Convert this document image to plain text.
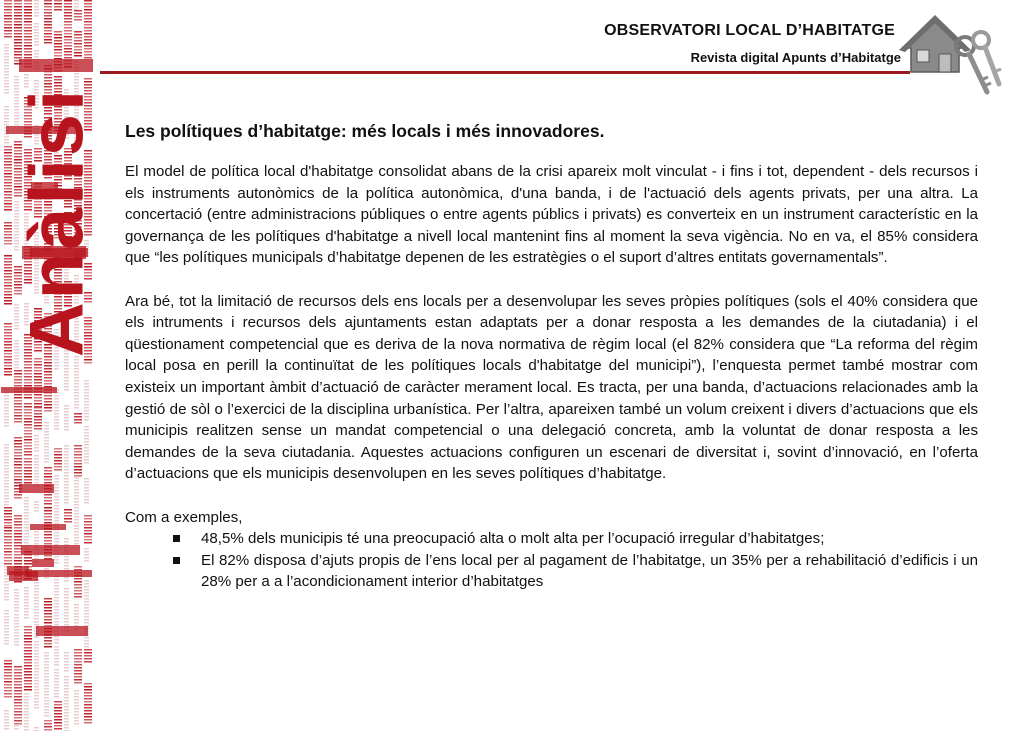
Anàlisi
OBSERVATORI LOCAL D’HABITATGE
Revista digital Apunts d’Habitatge
Les polítiques d’habitatge: més locals i més innovadores.

El model de política local d'habitatge consolidat abans de la crisi apareix molt vinculat - i fins i tot, dependent - dels recursos i els instruments autonòmics de la política autonòmica, d'una banda, i de l'actuació dels agents privats, per una altra. La concertació (entre administracions públiques o entre agents públics i privats) es converteix en un instrument característic en la governança de les polítiques d'habitatge a nivell local mantenint fins al moment la seva vigència. No en va, el 85% considera que “les polítiques municipals d’habitatge depenen de les estratègies o el suport d’altres entitats governamentals”.

Ara bé, tot la limitació de recursos dels ens locals per a desenvolupar les seves pròpies polítiques (sols el 40% considera que els intruments i recursos dels ajuntaments estan adaptats per a donar resposta a les demandes de la ciutadania) i el qüestionament competencial que es deriva de la nova normativa de règim local (el 82% considera que “La reforma del règim local posa en perill la continuïtat de les polítiques locals d'habitatge del municipi”), l’enquesta permet també mostrar com existeix un important àmbit d’actuació de caràcter merament local. Es tracta, per una banda, d’actuacions relacionades amb la gestió de sòl o l’exercici de la disciplina urbanística. Per l’altra, apareixen també un volum creixent i divers d’actuacions que els municipis realitzen sense un mandat competencial o una delegació concreta, amb la voluntat de donar resposta a les demandes de la seva ciutadania. Aquestes actuacions configuren un escenari de diversitat i, sovint d’innovació, en l’oferta d’actuacions que els municipis desenvolupen en les seves polítiques d’habitatge.

Com a exemples,

48,5% dels municipis té una preocupació alta o molt alta per l’ocupació irregular d’habitatges;
El 82% disposa d’ajuts propis de l’ens local per al pagament de l’habitatge, un 35% per a rehabilitació d’edificis i un 28% per a a l’acondicionament interior d’habitatges
